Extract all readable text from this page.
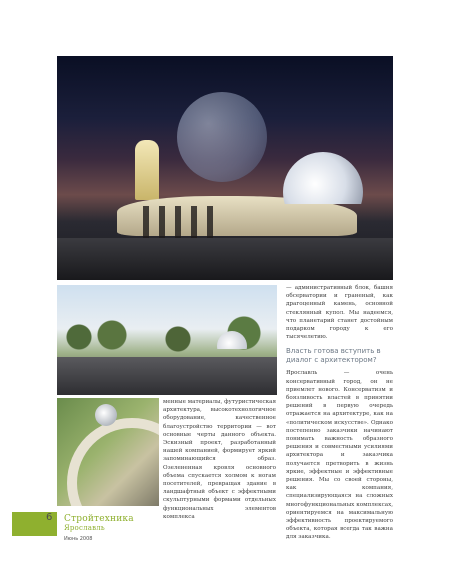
— административный блок, башня обсерватории и граненый, как драгоценный камень, основной стеклянный купол. Мы надеемся, что планетарий станет достойным подарком городу к его тысячелетию.

Власть готова вступить в диалог с архитектором?

Ярославль — очень консервативный город, он не приемлет нового. Консерватизм и боязливость властей в принятии решений в первую очередь отражается на архитектуре, как на «политическом искусстве». Однако постепенно заказчики начинают понимать важность образного решения и совместными усилиями архитектора и заказчика получается претворить в жизнь яркие, эффектные и эффективные решения. Мы со своей стороны, как компания, специализирующаяся на сложных многофункциональных комплексах, ориентируемся на максимальную эффективность проектируемого объекта, которая всегда так важна для заказчика.

менные материалы, футуристическая архитектура, высокотехнологичное оборудование, качественное благоустройство территории — вот основные черты данного объекта. Эскизный проект, разработанный нашей компанией, формирует яркий запоминающийся образ. Озелененная кровля основного объема спускается холмом к ногам посетителей, превращая здание в ландшафтный объект с эффектными скульптурными формами отдельных функциональных элементов комплекса

6 Стройтехника
Ярославль
Июнь 2008
